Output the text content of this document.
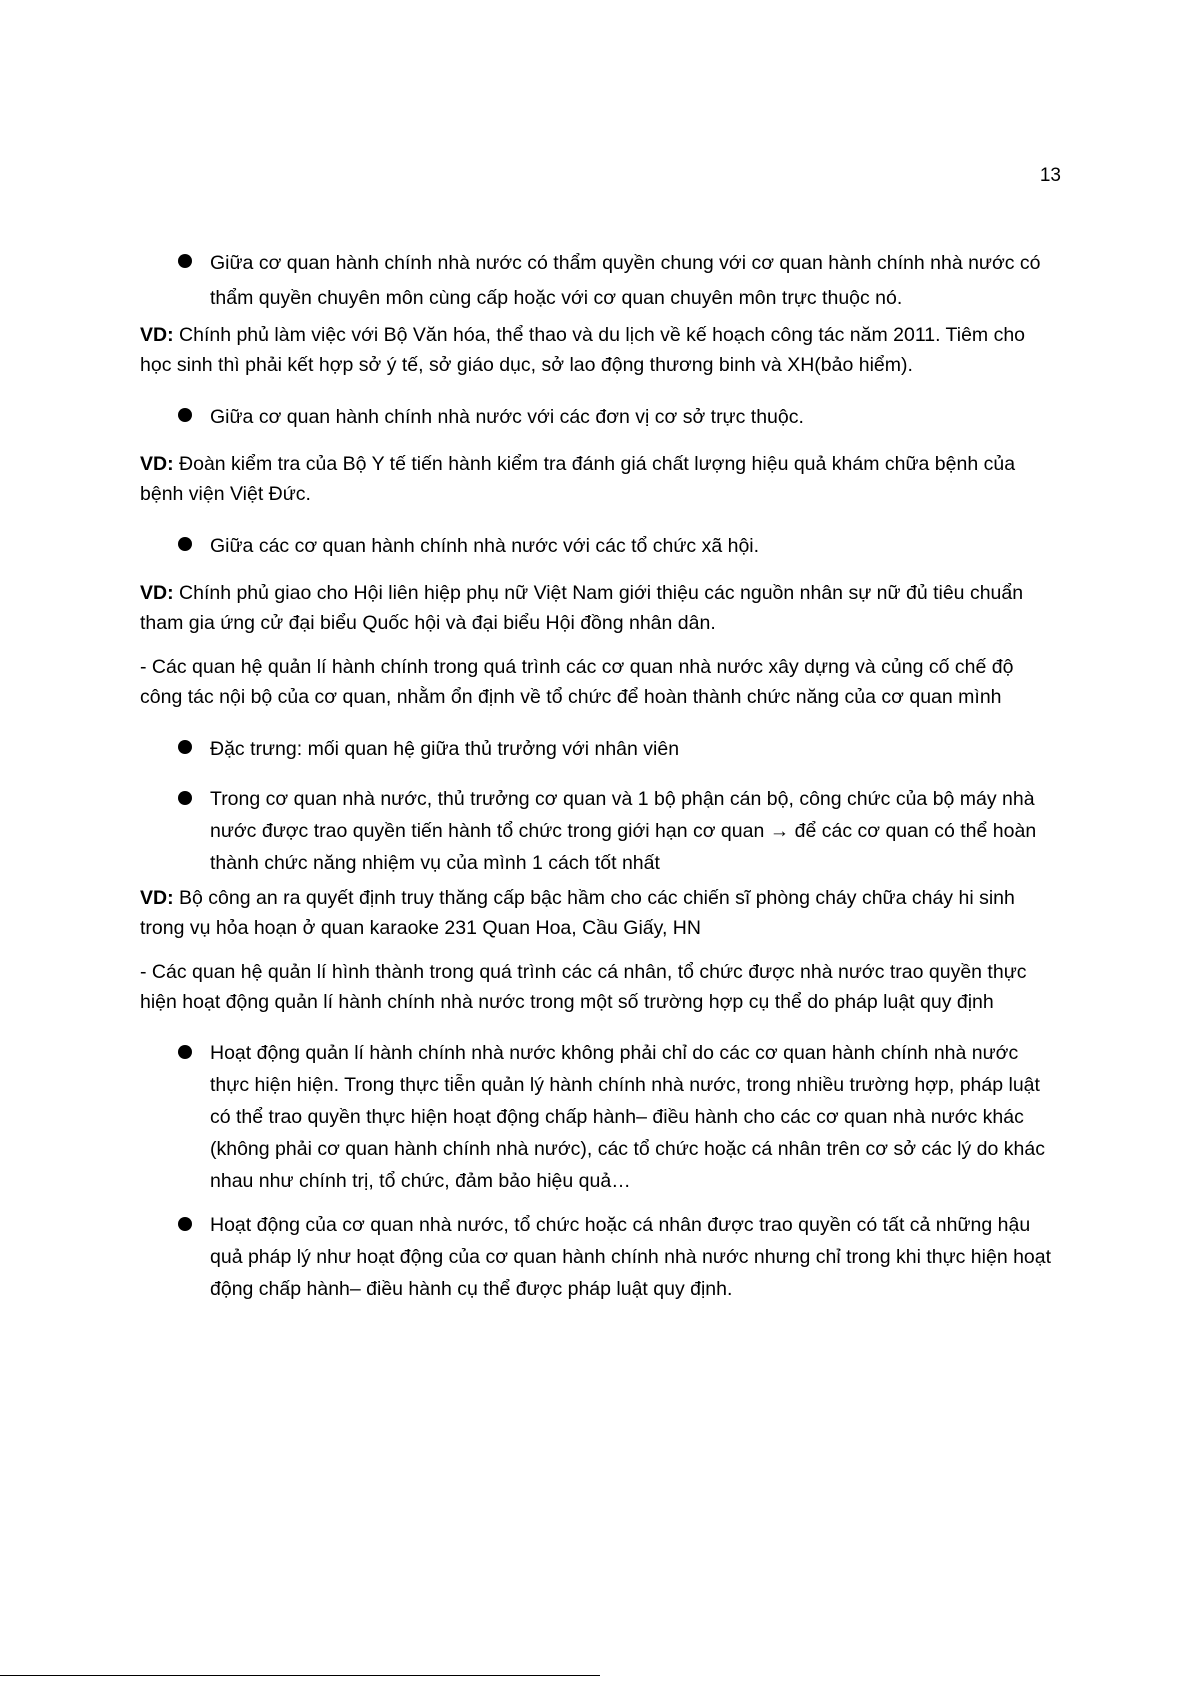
13
Giữa cơ quan hành chính nhà nước có thẩm quyền chung với cơ quan hành chính nhà nước có thẩm quyền chuyên môn cùng cấp hoặc với cơ quan chuyên môn trực thuộc nó.

VD: Chính phủ làm việc với Bộ Văn hóa, thể thao và du lịch về kế hoạch công tác năm 2011. Tiêm cho học sinh thì phải kết hợp sở ý tế, sở giáo dục, sở lao động thương binh và XH(bảo hiểm).

Giữa cơ quan hành chính nhà nước với các đơn vị cơ sở trực thuộc.

VD: Đoàn kiểm tra của Bộ Y tế tiến hành kiểm tra đánh giá chất lượng hiệu quả khám chữa bệnh của bệnh viện Việt Đức.

Giữa các cơ quan hành chính nhà nước với các tổ chức xã hội.

VD: Chính phủ giao cho Hội liên hiệp phụ nữ Việt Nam giới thiệu các nguồn nhân sự nữ đủ tiêu chuẩn tham gia ứng cử đại biểu Quốc hội và đại biểu Hội đồng nhân dân.

- Các quan hệ quản lí hành chính trong quá trình các cơ quan nhà nước xây dựng và củng cố chế độ công tác nội bộ của cơ quan, nhằm ổn định về tổ chức để hoàn thành chức năng của cơ quan mình

Đặc trưng: mối quan hệ giữa thủ trưởng với nhân viên
Trong cơ quan nhà nước, thủ trưởng cơ quan và 1 bộ phận cán bộ, công chức của bộ máy nhà nước được trao quyền tiến hành tổ chức trong giới hạn cơ quan → để các cơ quan có thể hoàn thành chức năng nhiệm vụ của mình 1 cách tốt nhất

VD: Bộ công an ra quyết định truy thăng cấp bậc hầm cho các chiến sĩ phòng cháy chữa cháy hi sinh trong vụ hỏa hoạn ở quan karaoke 231 Quan Hoa, Cầu Giấy, HN

- Các quan hệ quản lí hình thành trong quá trình các cá nhân, tổ chức được nhà nước trao quyền thực hiện hoạt động quản lí hành chính nhà nước trong một số trường hợp cụ thể do pháp luật quy định

Hoạt động quản lí hành chính nhà nước không phải chỉ do các cơ quan hành chính nhà nước thực hiện hiện. Trong thực tiễn quản lý hành chính nhà nước, trong nhiều trường hợp, pháp luật có thể trao quyền thực hiện hoạt động chấp hành– điều hành cho các cơ quan nhà nước khác (không phải cơ quan hành chính nhà nước), các tổ chức hoặc cá nhân trên cơ sở các lý do khác nhau như chính trị, tổ chức, đảm bảo hiệu quả…
Hoạt động của cơ quan nhà nước, tổ chức hoặc cá nhân được trao quyền có tất cả những hậu quả pháp lý như hoạt động của cơ quan hành chính nhà nước nhưng chỉ trong khi thực hiện hoạt động chấp hành– điều hành cụ thể được pháp luật quy định.
